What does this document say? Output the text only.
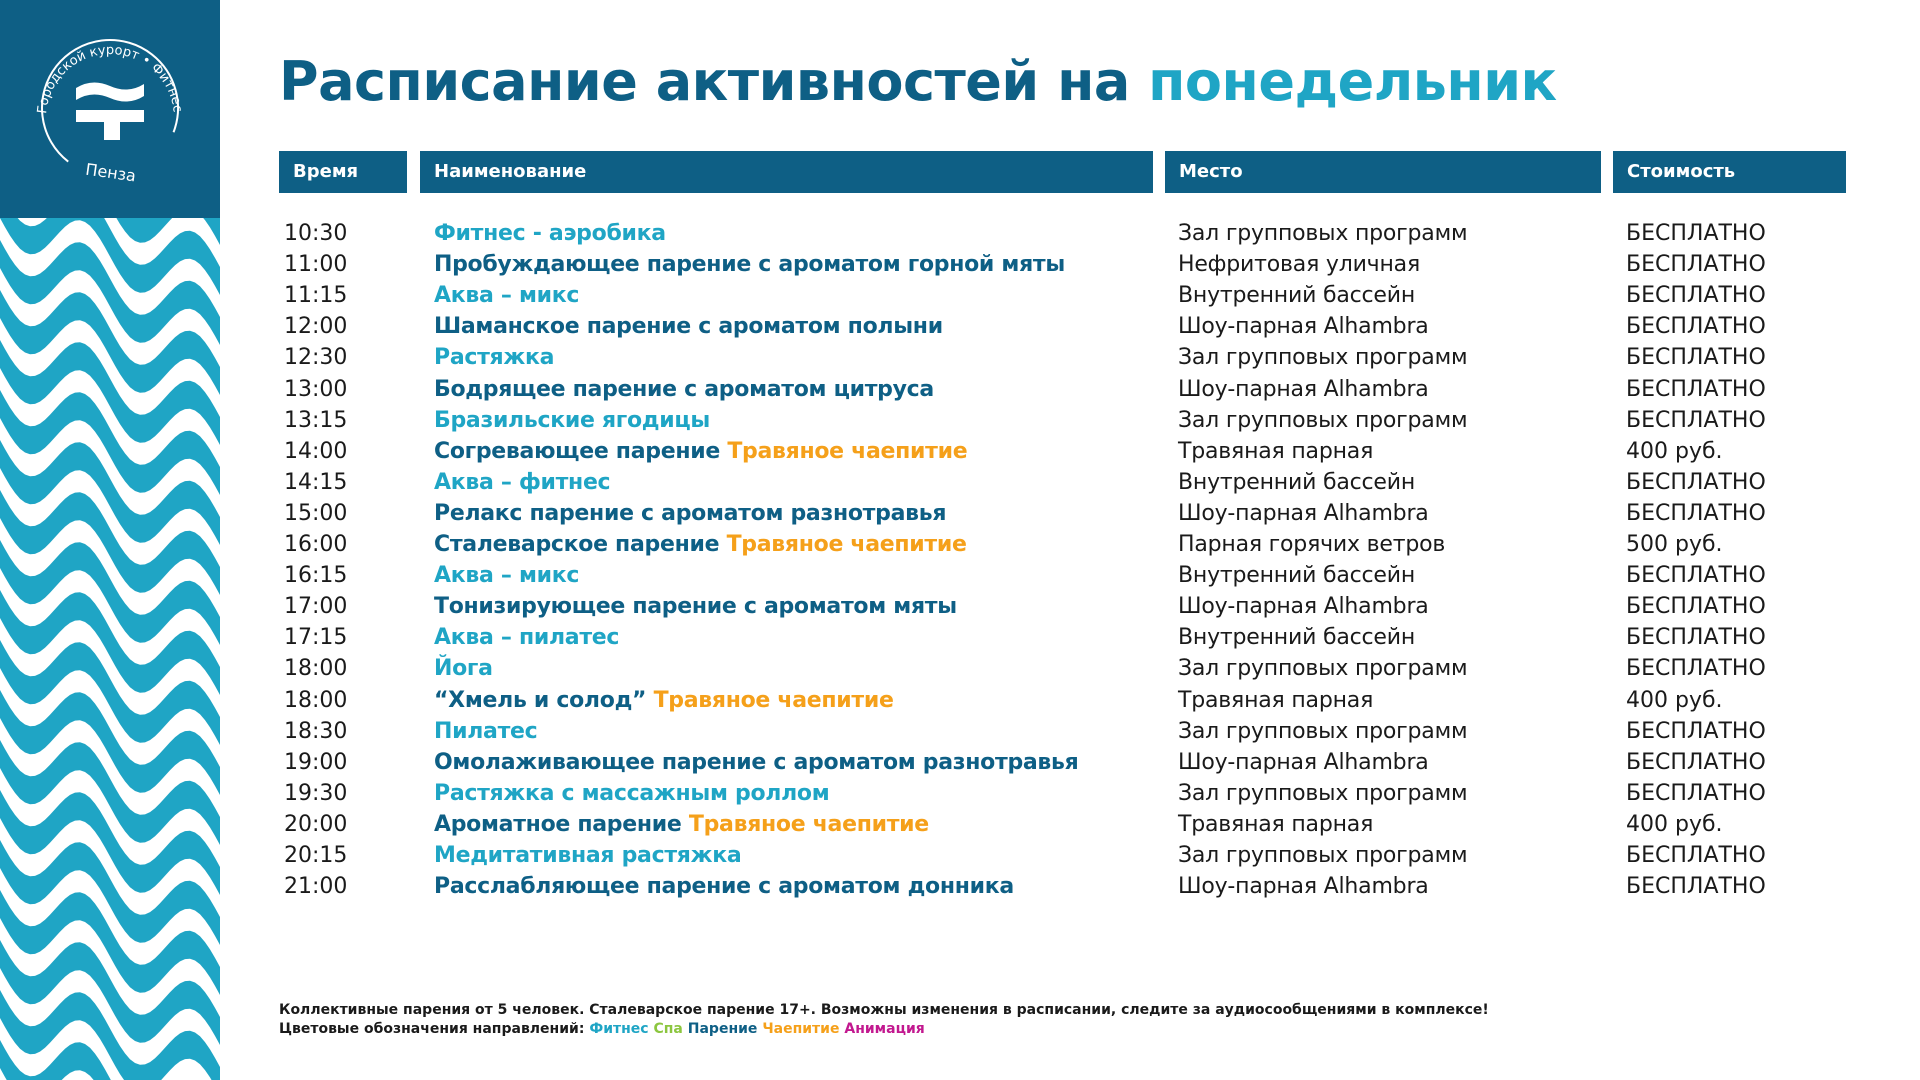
Городской курорт • Фитнес
Пенза
Расписание активностей на понедельник
Время	Наименование	Место	Стоимость
10:30	Фитнес - аэробика	Зал групповых программ	БЕСПЛАТНО
11:00	Пробуждающее парение с ароматом горной мяты	Нефритовая уличная	БЕСПЛАТНО
11:15	Аква – микс	Внутренний бассейн	БЕСПЛАТНО
12:00	Шаманское парение с ароматом полыни	Шоу-парная Alhambra	БЕСПЛАТНО
12:30	Растяжка	Зал групповых программ	БЕСПЛАТНО
13:00	Бодрящее парение с ароматом цитруса	Шоу-парная Alhambra	БЕСПЛАТНО
13:15	Бразильские ягодицы	Зал групповых программ	БЕСПЛАТНО
14:00	Согревающее парение Травяное чаепитие	Травяная парная	400 руб.
14:15	Аква – фитнес	Внутренний бассейн	БЕСПЛАТНО
15:00	Релакс парение с ароматом разнотравья	Шоу-парная Alhambra	БЕСПЛАТНО
16:00	Сталеварское парение Травяное чаепитие	Парная горячих ветров	500 руб.
16:15	Аква – микс	Внутренний бассейн	БЕСПЛАТНО
17:00	Тонизирующее парение с ароматом мяты	Шоу-парная Alhambra	БЕСПЛАТНО
17:15	Аква – пилатес	Внутренний бассейн	БЕСПЛАТНО
18:00	Йога	Зал групповых программ	БЕСПЛАТНО
18:00	“Хмель и солод” Травяное чаепитие	Травяная парная	400 руб.
18:30	Пилатес	Зал групповых программ	БЕСПЛАТНО
19:00	Омолаживающее парение с ароматом разнотравья	Шоу-парная Alhambra	БЕСПЛАТНО
19:30	Растяжка с массажным роллом	Зал групповых программ	БЕСПЛАТНО
20:00	Ароматное парение Травяное чаепитие	Травяная парная	400 руб.
20:15	Медитативная растяжка	Зал групповых программ	БЕСПЛАТНО
21:00	Расслабляющее парение с ароматом донника	Шоу-парная Alhambra	БЕСПЛАТНО
Коллективные парения от 5 человек. Сталеварское парение 17+. Возможны изменения в расписании, следите за аудиосообщениями в комплексе!
Цветовые обозначения направлений: Фитнес Спа Парение Чаепитие Анимация
